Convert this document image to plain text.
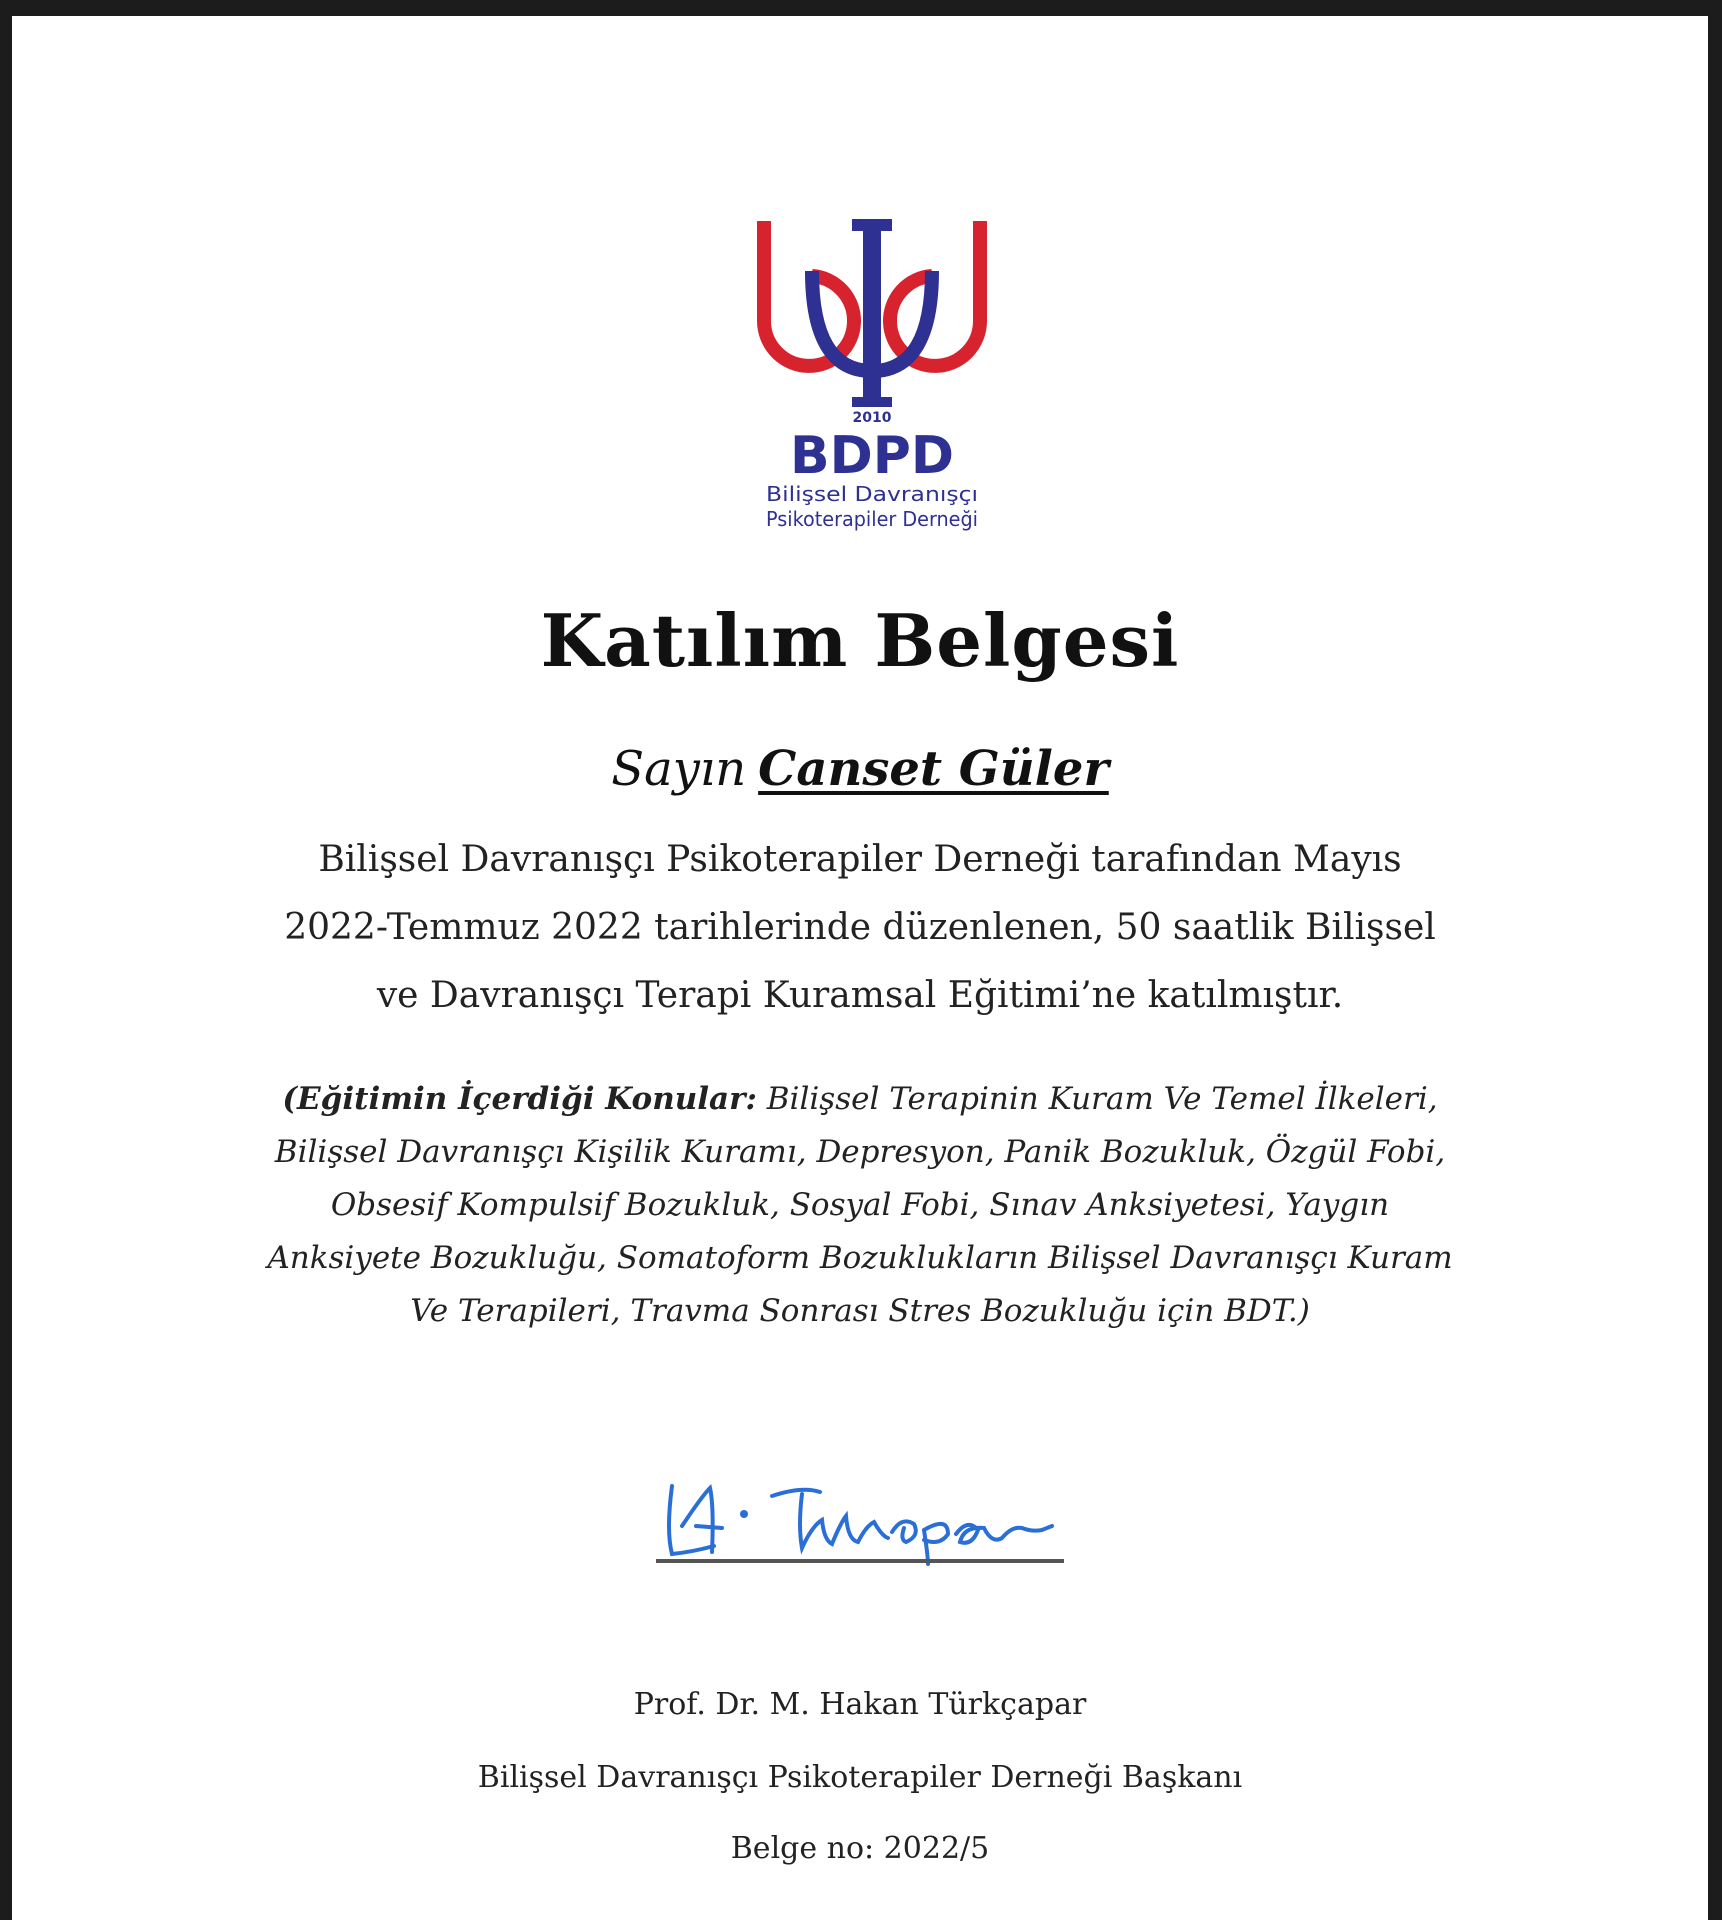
2010
BDPD
Bilişsel Davranışçı
Psikoterapiler Derneği
Katılım Belgesi
Sayın Canset Güler
Bilişsel Davranışçı Psikoterapiler Derneği tarafından Mayıs 2022-Temmuz 2022 tarihlerinde düzenlenen, 50 saatlik Bilişsel ve Davranışçı Terapi Kuramsal Eğitimi’ne katılmıştır.
(Eğitimin İçerdiği Konular: Bilişsel Terapinin Kuram Ve Temel İlkeleri, Bilişsel Davranışçı Kişilik Kuramı, Depresyon, Panik Bozukluk, Özgül Fobi, Obsesif Kompulsif Bozukluk, Sosyal Fobi, Sınav Anksiyetesi, Yaygın Anksiyete Bozukluğu, Somatoform Bozuklukların Bilişsel Davranışçı Kuram Ve Terapileri, Travma Sonrası Stres Bozukluğu için BDT.)
Prof. Dr. M. Hakan Türkçapar
Bilişsel Davranışçı Psikoterapiler Derneği Başkanı
Belge no: 2022/5
